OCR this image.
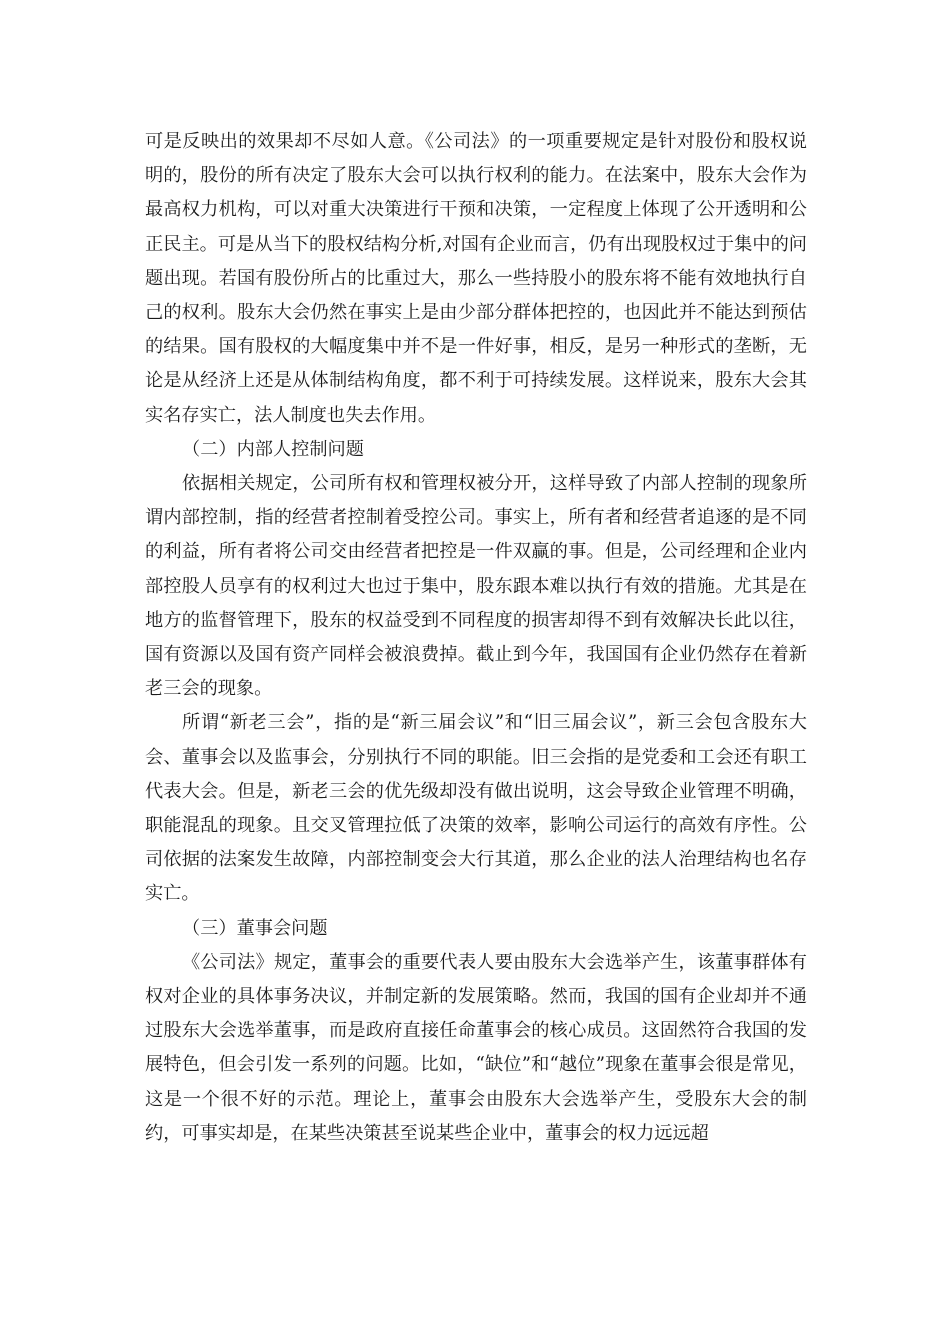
可是反映出的效果却不尽如人意。《公司法》的一项重要规定是针对股份和股权说明的，股份的所有决定了股东大会可以执行权利的能力。在法案中，股东大会作为最高权力机构，可以对重大决策进行干预和决策，一定程度上体现了公开透明和公正民主。可是从当下的股权结构分析,对国有企业而言，仍有出现股权过于集中的问题出现。若国有股份所占的比重过大，那么一些持股小的股东将不能有效地执行自己的权利。股东大会仍然在事实上是由少部分群体把控的，也因此并不能达到预估的结果。国有股权的大幅度集中并不是一件好事，相反，是另一种形式的垄断，无论是从经济上还是从体制结构角度，都不利于可持续发展。这样说来，股东大会其实名存实亡，法人制度也失去作用。

（二）内部人控制问题

依据相关规定，公司所有权和管理权被分开，这样导致了内部人控制的现象所谓内部控制，指的经营者控制着受控公司。事实上，所有者和经营者追逐的是不同的利益，所有者将公司交由经营者把控是一件双赢的事。但是，公司经理和企业内部控股人员享有的权利过大也过于集中，股东跟本难以执行有效的措施。尤其是在地方的监督管理下，股东的权益受到不同程度的损害却得不到有效解决长此以往，国有资源以及国有资产同样会被浪费掉。截止到今年，我国国有企业仍然存在着新老三会的现象。

所谓“新老三会”，指的是“新三届会议”和“旧三届会议”，新三会包含股东大会、董事会以及监事会，分别执行不同的职能。旧三会指的是党委和工会还有职工代表大会。但是，新老三会的优先级却没有做出说明，这会导致企业管理不明确，职能混乱的现象。且交叉管理拉低了决策的效率，影响公司运行的高效有序性。公司依据的法案发生故障，内部控制变会大行其道，那么企业的法人治理结构也名存实亡。

（三）董事会问题

《公司法》规定，董事会的重要代表人要由股东大会选举产生，该董事群体有权对企业的具体事务决议，并制定新的发展策略。然而，我国的国有企业却并不通过股东大会选举董事，而是政府直接任命董事会的核心成员。这固然符合我国的发展特色，但会引发一系列的问题。比如，“缺位”和“越位”现象在董事会很是常见，这是一个很不好的示范。理论上，董事会由股东大会选举产生，受股东大会的制约，可事实却是，在某些决策甚至说某些企业中，董事会的权力远远超
